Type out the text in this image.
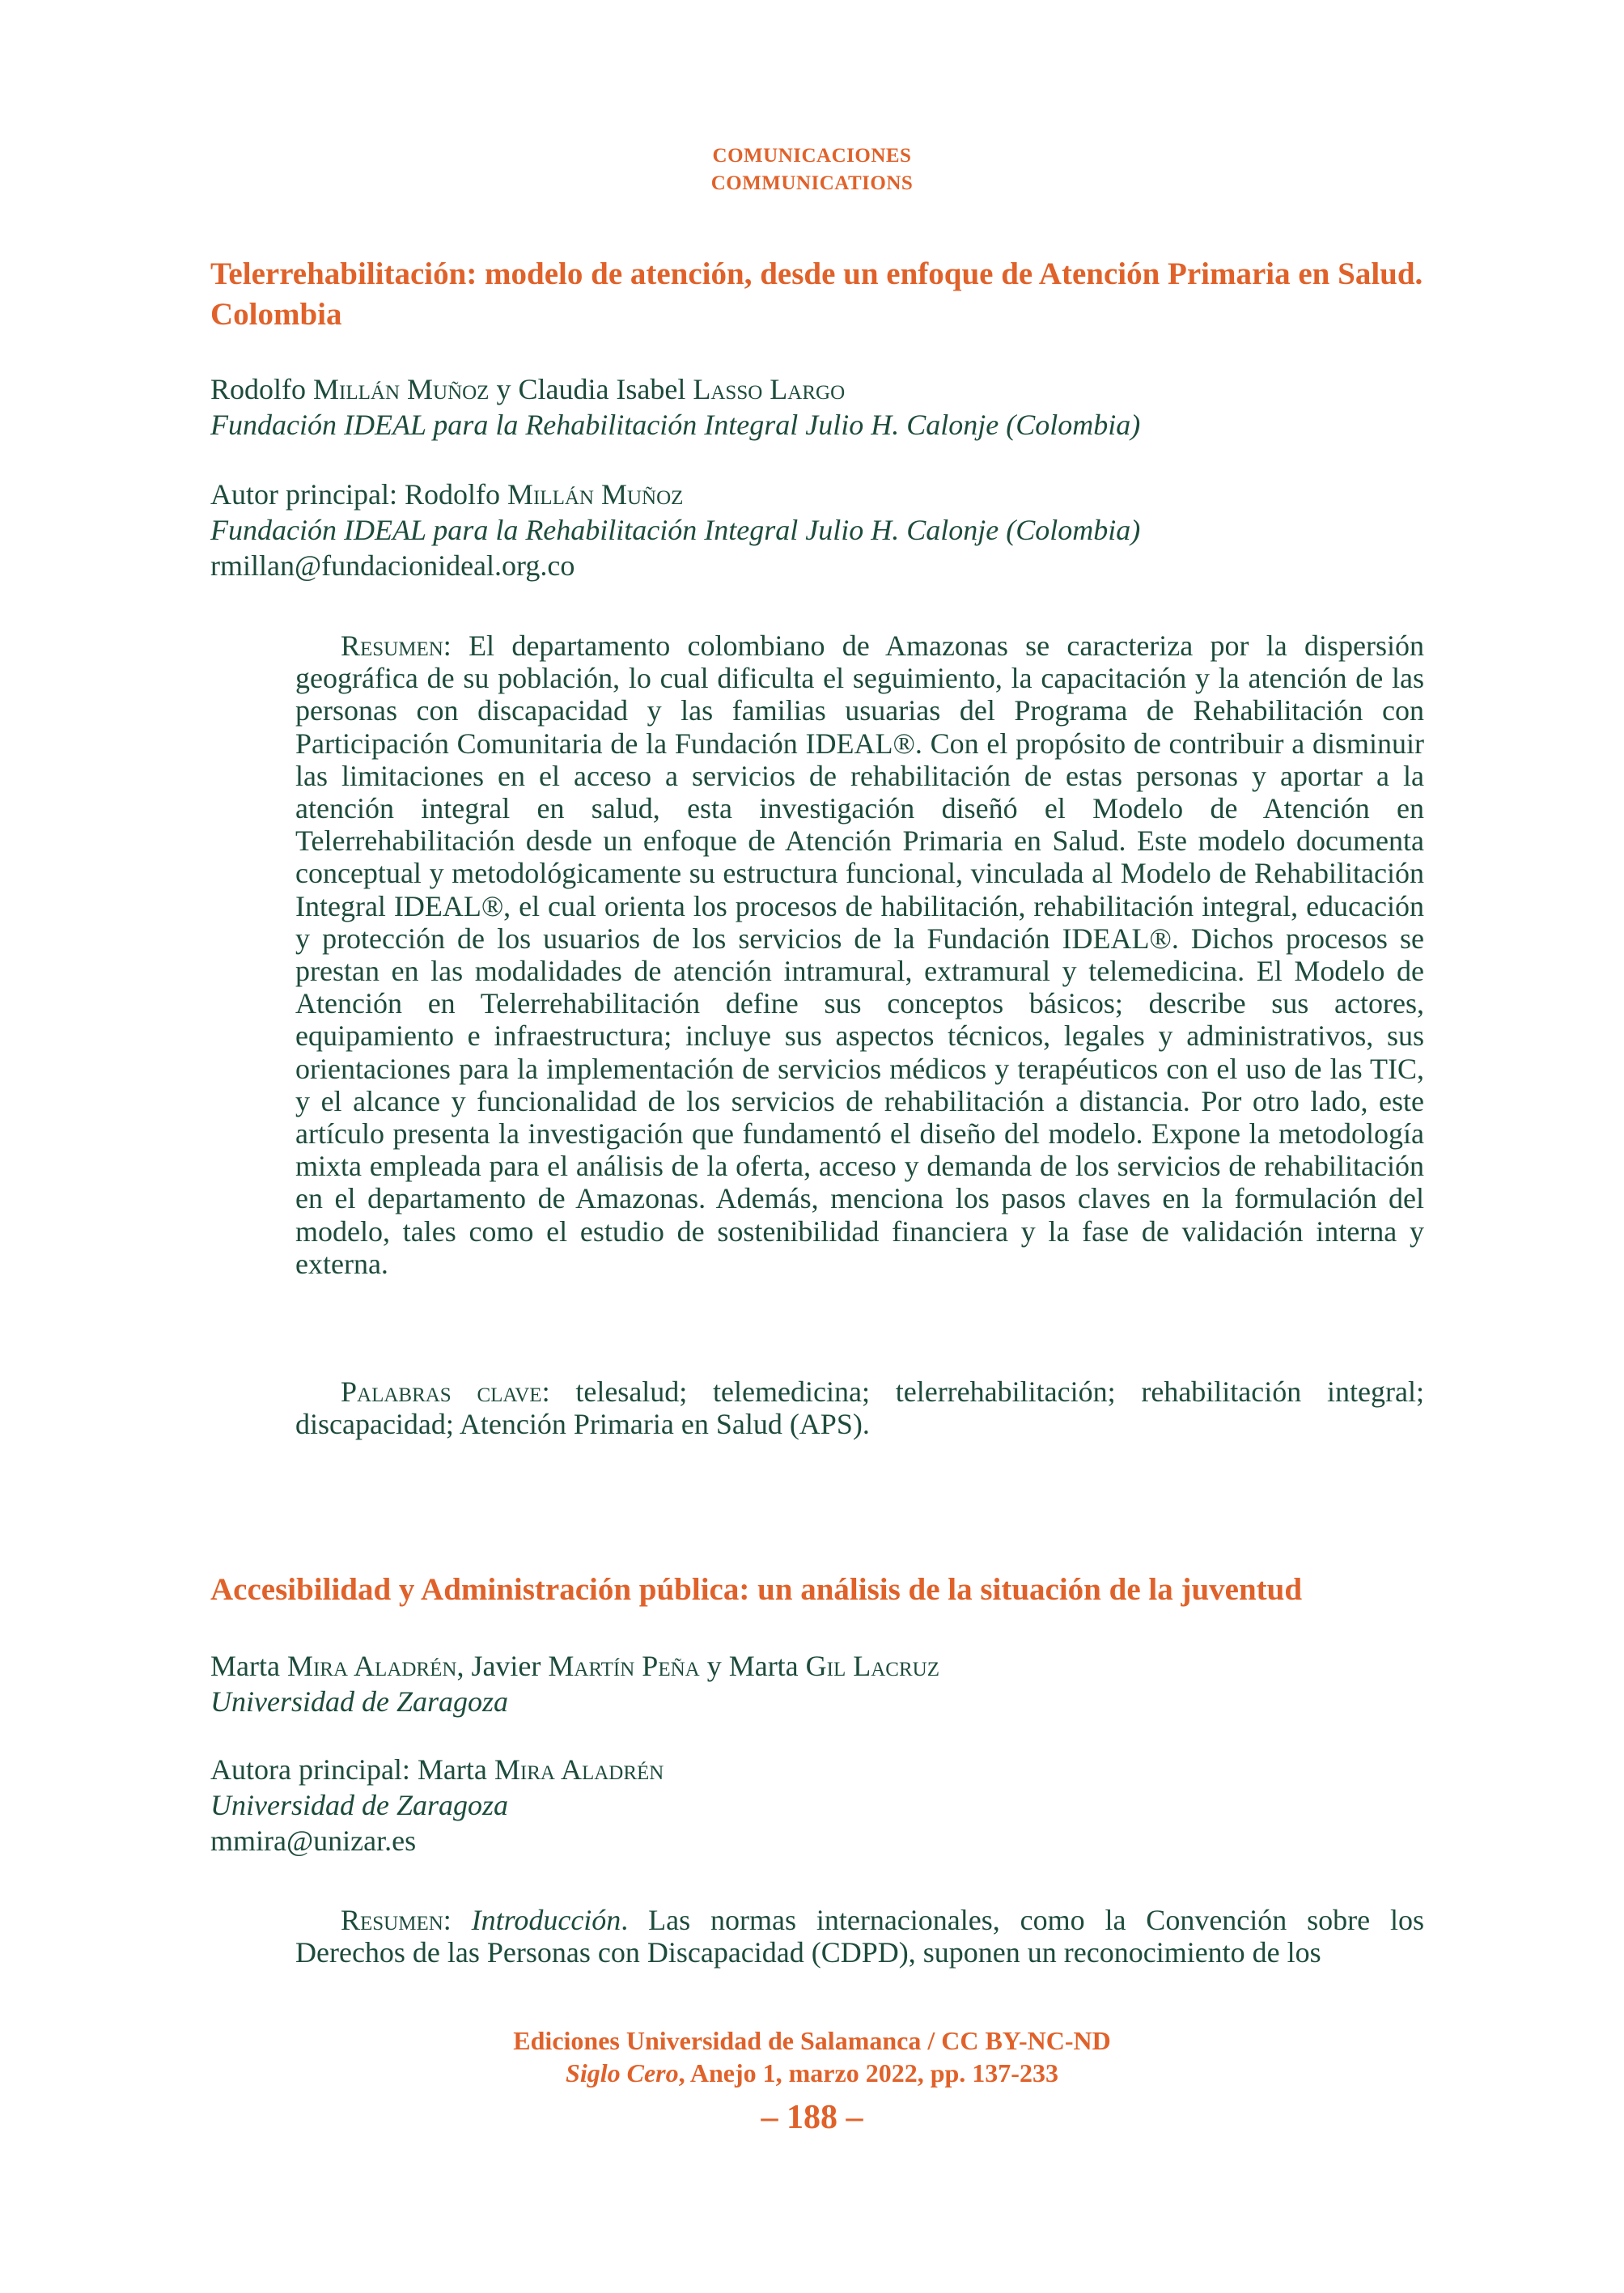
COMUNICACIONES
COMMUNICATIONS
Telerrehabilitación: modelo de atención, desde un enfoque de Atención Primaria en Salud. Colombia
Rodolfo Millán Muñoz y Claudia Isabel Lasso Largo
Fundación IDEAL para la Rehabilitación Integral Julio H. Calonje (Colombia)
Autor principal: Rodolfo Millán Muñoz
Fundación IDEAL para la Rehabilitación Integral Julio H. Calonje (Colombia)
rmillan@fundacionideal.org.co

Resumen: El departamento colombiano de Amazonas se caracteriza por la dispersión geográfica de su población, lo cual dificulta el seguimiento, la capacitación y la atención de las personas con discapacidad y las familias usuarias del Programa de Rehabilitación con Participación Comunitaria de la Fundación IDEAL®. Con el propósito de contribuir a disminuir las limitaciones en el acceso a servicios de rehabilitación de estas personas y aportar a la atención integral en salud, esta investigación diseñó el Modelo de Atención en Telerrehabilitación desde un enfoque de Atención Primaria en Salud. Este modelo documenta conceptual y metodológicamente su estructura funcional, vinculada al Modelo de Rehabilitación Integral IDEAL®, el cual orienta los procesos de habilitación, rehabilitación integral, educación y protección de los usuarios de los servicios de la Fundación IDEAL®. Dichos procesos se prestan en las modalidades de atención intramural, extramural y telemedicina. El Modelo de Atención en Telerrehabilitación define sus conceptos básicos; describe sus actores, equipamiento e infraestructura; incluye sus aspectos técnicos, legales y administrativos, sus orientaciones para la implementación de servicios médicos y terapéuticos con el uso de las TIC, y el alcance y funcionalidad de los servicios de rehabilitación a distancia. Por otro lado, este artículo presenta la investigación que fundamentó el diseño del modelo. Expone la metodología mixta empleada para el análisis de la oferta, acceso y demanda de los servicios de rehabilitación en el departamento de Amazonas. Además, menciona los pasos claves en la formulación del modelo, tales como el estudio de sostenibilidad financiera y la fase de validación interna y externa.

Palabras clave: telesalud; telemedicina; telerrehabilitación; rehabilitación integral; discapacidad; Atención Primaria en Salud (APS).

Accesibilidad y Administración pública: un análisis de la situación de la juventud
Marta Mira Aladrén, Javier Martín Peña y Marta Gil Lacruz
Universidad de Zaragoza
Autora principal: Marta Mira Aladrén
Universidad de Zaragoza
mmira@unizar.es

Resumen: Introducción. Las normas internacionales, como la Convención sobre los Derechos de las Personas con Discapacidad (CDPD), suponen un reconocimiento de los

Ediciones Universidad de Salamanca / CC BY-NC-ND
Siglo Cero, Anejo 1, marzo 2022, pp. 137-233
– 188 –
